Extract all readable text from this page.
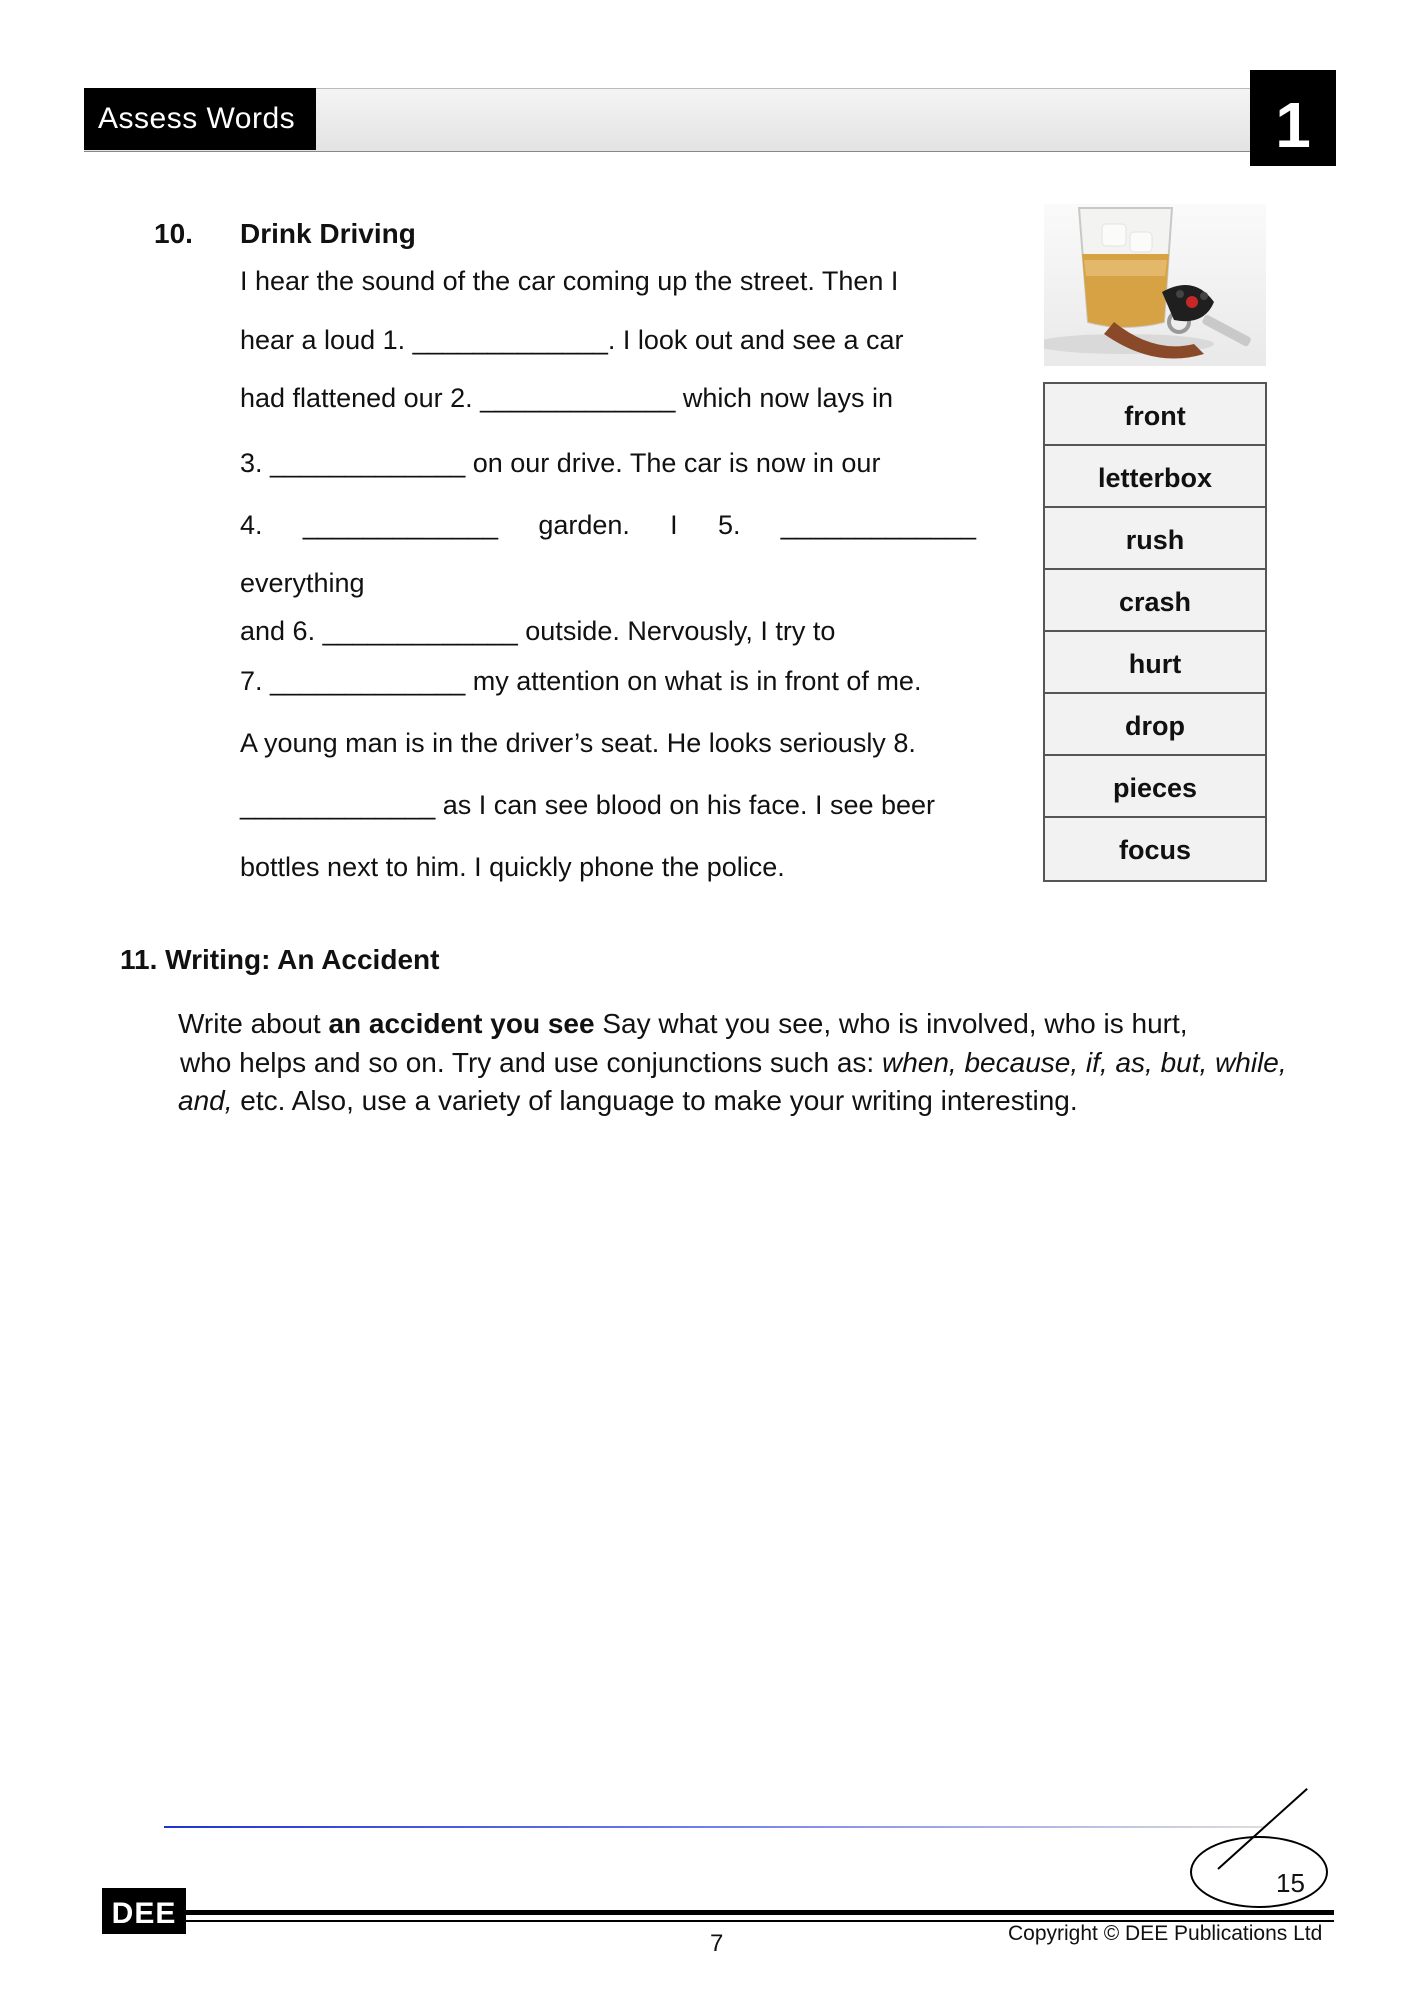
Assess Words 5
1
10. Drink Driving
I hear the sound of the car coming up the street. Then I
hear a loud 1. _____________. I look out and see a car
had flattened our 2. _____________ which now lays in
3. _____________ on our drive. The car is now in our
4. _____________ garden. I 5. _____________
everything
and 6. _____________ outside. Nervously, I try to
7. _____________ my attention on what is in front of me.
A young man is in the driver’s seat. He looks seriously 8.
_____________ as I can see blood on his face. I see beer
bottles next to him. I quickly phone the police.
front
letterbox
rush
crash
hurt
drop
pieces
focus
11. Writing: An Accident
Write about an accident you see Say what you see, who is involved, who is hurt,
who helps and so on. Try and use conjunctions such as: when, because, if, as, but, while,
and, etc. Also, use a variety of language to make your writing interesting.
15
DEE
7	Copyright © DEE Publications Ltd
